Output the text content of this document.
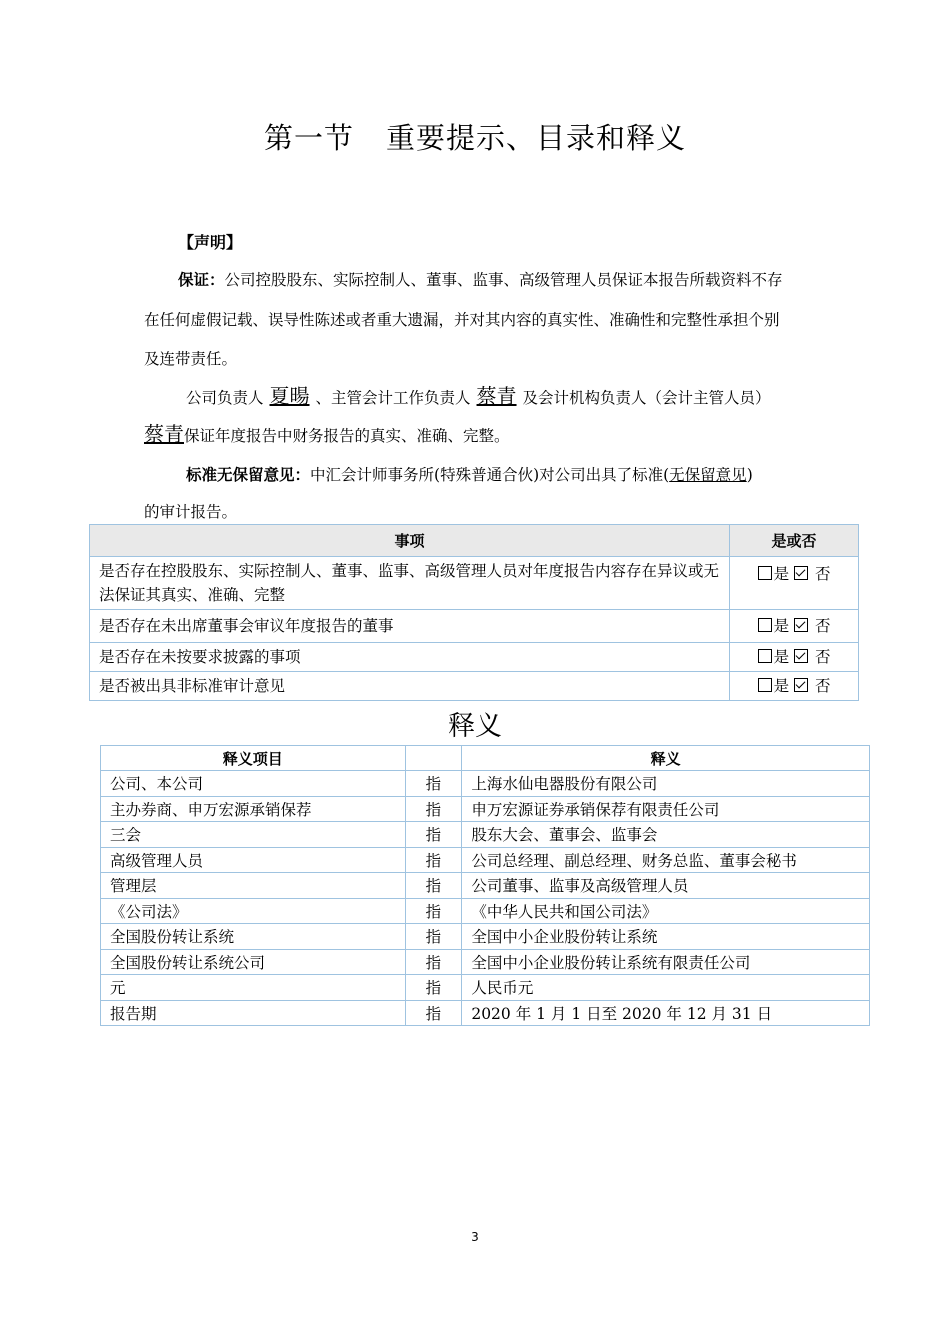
第一节 重要提示、目录和释义
【声明】
保证：公司控股股东、实际控制人、董事、监事、高级管理人员保证本报告所载资料不存
在任何虚假记载、误导性陈述或者重大遗漏，并对其内容的真实性、准确性和完整性承担个别
及连带责任。
公司负责人 夏暘 、主管会计工作负责人 蔡青 及会计机构负责人（会计主管人员）
蔡青保证年度报告中财务报告的真实、准确、完整。
标准无保留意见：中汇会计师事务所(特殊普通合伙)对公司出具了标准(无保留意见)
的审计报告。
事项	是或否
是否存在控股股东、实际控制人、董事、监事、高级管理人员对年度报告内容存在异议或无法保证其真实、准确、完整	是 否
是否存在未出席董事会审议年度报告的董事	是 否
是否存在未按要求披露的事项	是 否
是否被出具非标准审计意见	是 否
释义
释义项目		释义
公司、本公司	指	上海水仙电器股份有限公司
主办券商、申万宏源承销保荐	指	申万宏源证券承销保荐有限责任公司
三会	指	股东大会、董事会、监事会
高级管理人员	指	公司总经理、副总经理、财务总监、董事会秘书
管理层	指	公司董事、监事及高级管理人员
《公司法》	指	《中华人民共和国公司法》
全国股份转让系统	指	全国中小企业股份转让系统
全国股份转让系统公司	指	全国中小企业股份转让系统有限责任公司
元	指	人民币元
报告期	指	2020 年 1 月 1 日至 2020 年 12 月 31 日
3
